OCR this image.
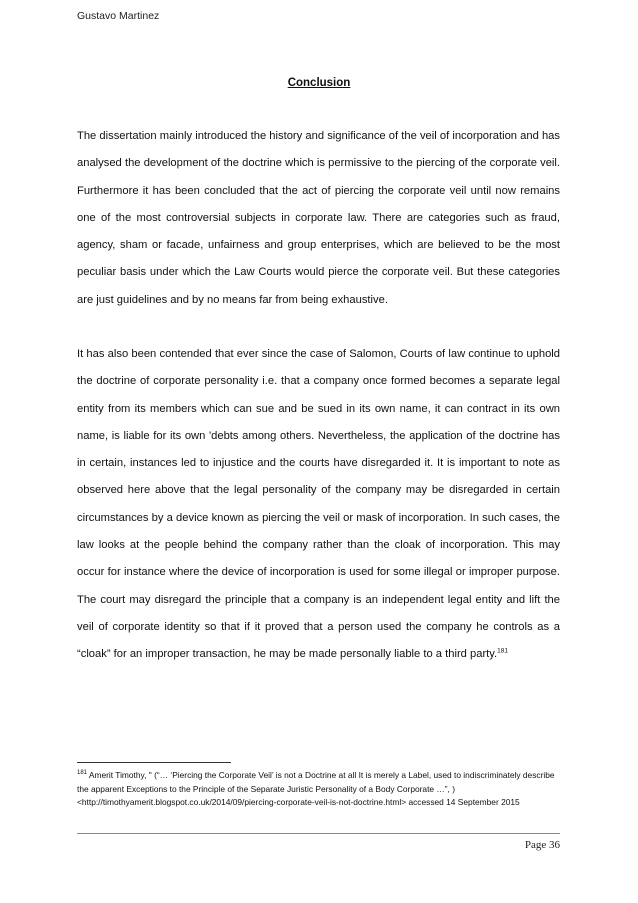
Gustavo Martinez
Conclusion

The dissertation mainly introduced the history and significance of the veil of incorporation and has analysed the development of the doctrine which is permissive to the piercing of the corporate veil. Furthermore it has been concluded that the act of piercing the corporate veil until now remains one of the most controversial subjects in corporate law. There are categories such as fraud, agency, sham or facade, unfairness and group enterprises, which are believed to be the most peculiar basis under which the Law Courts would pierce the corporate veil. But these categories are just guidelines and by no means far from being exhaustive.

It has also been contended that ever since the case of Salomon, Courts of law continue to uphold the doctrine of corporate personality i.e. that a company once formed becomes a separate legal entity from its members which can sue and be sued in its own name, it can contract in its own name, is liable for its own 'debts among others. Nevertheless, the application of the doctrine has in certain, instances led to injustice and the courts have disregarded it. It is important to note as observed here above that the legal personality of the company may be disregarded in certain circumstances by a device known as piercing the veil or mask of incorporation. In such cases, the law looks at the people behind the company rather than the cloak of incorporation. This may occur for instance where the device of incorporation is used for some illegal or improper purpose. The court may disregard the principle that a company is an independent legal entity and lift the veil of corporate identity so that if it proved that a person used the company he controls as a “cloak” for an improper transaction, he may be made personally liable to a third party.$^{181}$

$^{181}$ Amerit Timothy, " (“… ‘Piercing the Corporate Veil’ is not a Doctrine at all It is merely a Label, used to indiscriminately describe the apparent Exceptions to the Principle of the Separate Juristic Personality of a Body Corporate …”, ) <http://timothyamerit.blogspot.co.uk/2014/09/piercing-corporate-veil-is-not-doctrine.html> accessed 14 September 2015

Page 36
